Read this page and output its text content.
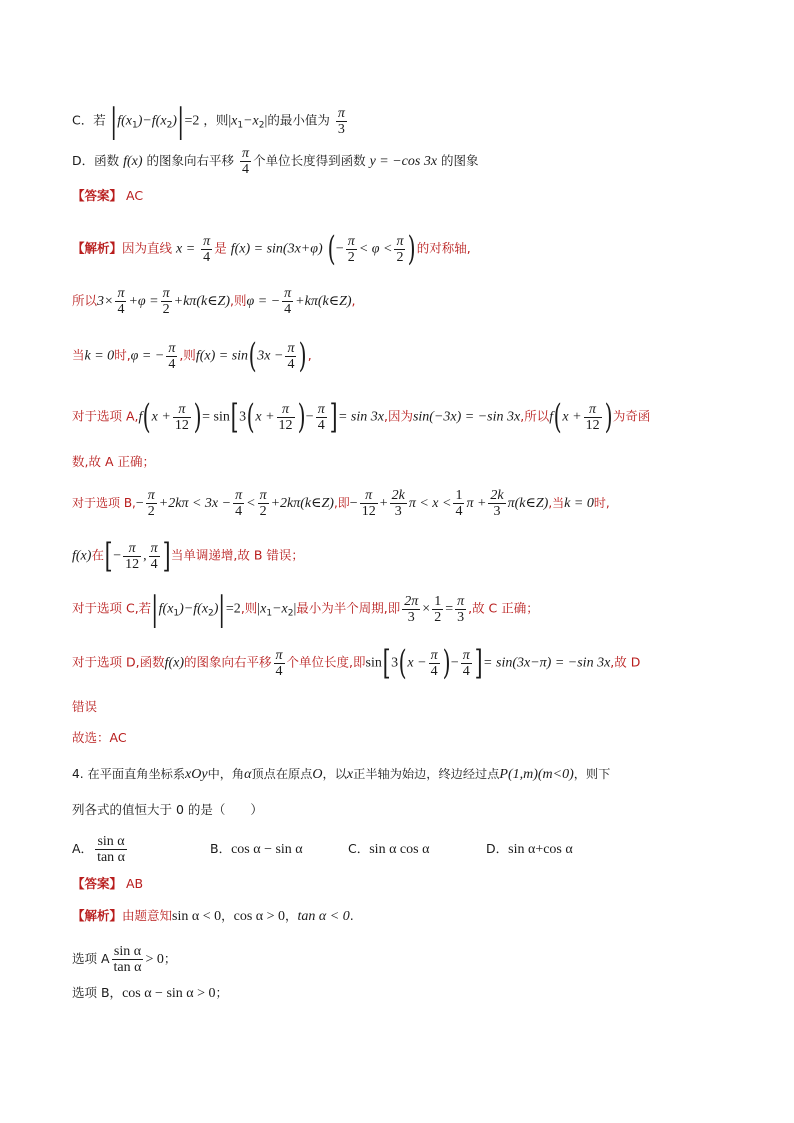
C．若 $|f(x_1)-f(x_2)|=2$ ，则$|x_1-x_2|$的最小值为 $\frac{\pi}{3}$
D．函数 f(x) 的图象向右平移 $\frac{\pi}{4}$ 个单位长度得到函数 y = −cos 3x 的图象
【答案】 AC
【解析】因为直线 $x = \frac{\pi}{4}$ 是 f(x) = sin(3x+φ) (− $\frac{\pi}{2} < \varphi < \frac{\pi}{2}$ )的对称轴,
所以$3\times \frac{\pi}{4} +\varphi = \frac{\pi}{2}$ +kπ(k∈Z),则φ = − $\frac{\pi}{4}$ +kπ(k∈Z),
当k = 0时,φ = − $\frac{\pi}{4}$ ,则$f(x) = \sin(3x - \frac{\pi}{4}$ ),
对于选项 $A,f(x + \frac{\pi}{12}$ )= $\sin[3(x + \frac{\pi}{12}$ )− $\frac{\pi}{4}$ ]= sin 3x,因为sin(−3x) = −sin 3x,所以$f(x + \frac{\pi}{12}$ )为奇函
数,故 A 正确；
对于选项 $B,- \frac{\pi}{2} +2k\pi < 3x - \frac{\pi}{4} < \frac{\pi}{2}$ +2kπ(k∈Z),即− $\frac{\pi}{12} + \frac{2k}{3}$ $\pi < x < \frac{1}{4}$ $\pi + \frac{2k}{3}$ π(k∈Z),当k = 0时,
f(x)在[− $\frac{\pi}{12}$ , $\frac{\pi}{4}$ ]当单调递增,故 B 错误；
对于选项 C,若$|f(x_1)-f(x_2)|=2$,则$|x_1-x_2|$最小为半个周期,即 $\frac{2\pi}{3} \times \frac{1}{2} = \frac{\pi}{3}$ ,故 C 正确；
对于选项 D,函数f(x)的图象向右平移 $\frac{\pi}{4}$ 个单位长度,即$\sin[3(x - \frac{\pi}{4}$ )− $\frac{\pi}{4}$ ]= sin(3x−π) = −sin 3x,故 D
错误
故选：AC
4. 在平面直角坐标系xOy中，角α顶点在原点O，以x正半轴为始边，终边经过点P(1,m)(m<0)，则下
列各式的值恒大于 0 的是（　　）
A． $\frac{\text{sin α}}{\text{tan α}}$	B．cos α − sin α	C．sin α cos α	D．sin α+cos α
【答案】 AB
【解析】由题意知sin α < 0，cos α > 0，tan α < 0.
选项 A $\frac{\text{sin α}}{\text{tan α}} > 0$；
选项 B，cos α − sin α > 0；
